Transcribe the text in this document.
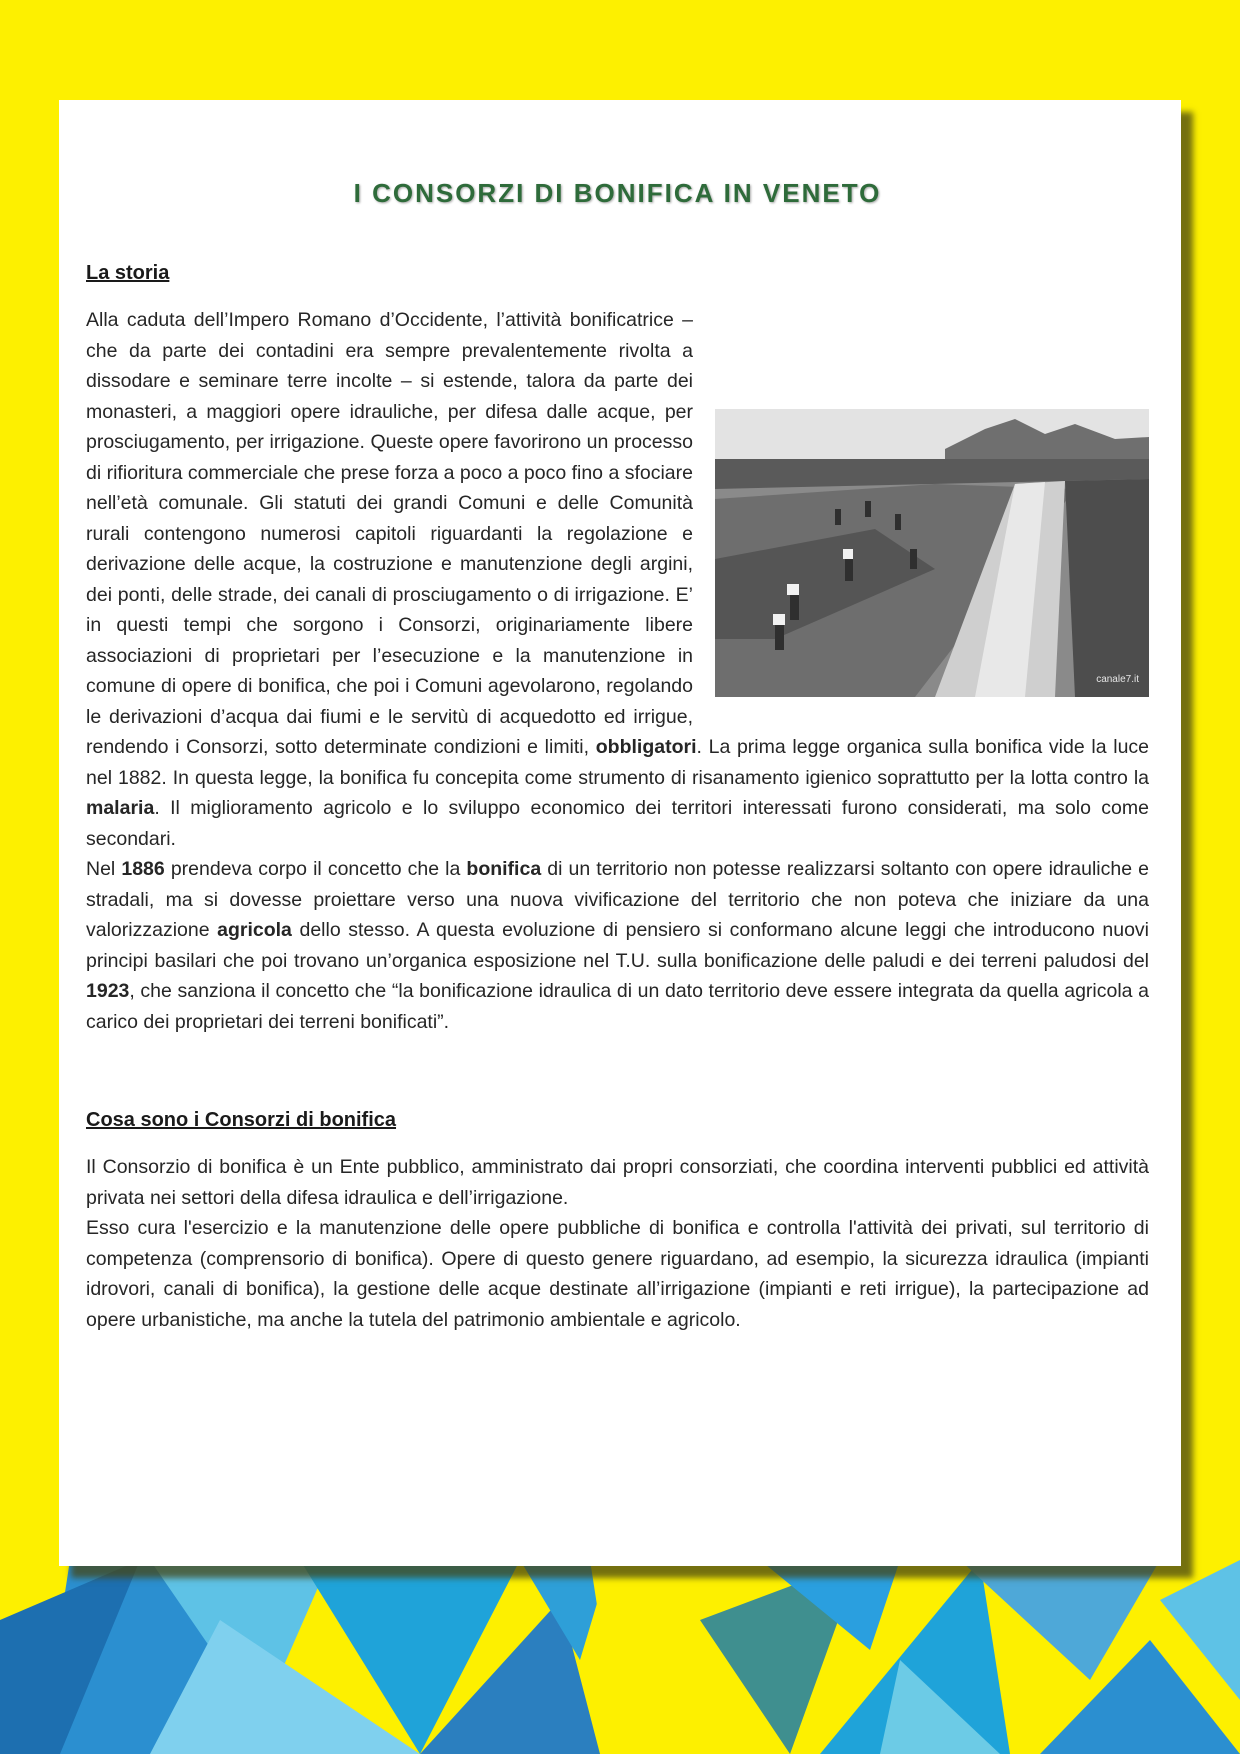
I CONSORZI DI BONIFICA IN VENETO
La storia

canale7.it
Alla caduta dell’Impero Romano d’Occidente, l’attività bonificatrice – che da parte dei contadini era sempre prevalentemente rivolta a dissodare e seminare terre incolte – si estende, talora da parte dei monasteri, a maggiori opere idrauliche, per difesa dalle acque, per prosciugamento, per irrigazione. Queste opere favorirono un processo di rifioritura commerciale che prese forza a poco a poco fino a sfociare nell’età comunale. Gli statuti dei grandi Comuni e delle Comunità rurali contengono numerosi capitoli riguardanti la regolazione e derivazione delle acque, la costruzione e manutenzione degli argini, dei ponti, delle strade, dei canali di prosciugamento o di irrigazione. E’ in questi tempi che sorgono i Consorzi, originariamente libere associazioni di proprietari per l’esecuzione e la manutenzione in comune di opere di bonifica, che poi i Comuni agevolarono, regolando le derivazioni d’acqua dai fiumi e le servitù di acquedotto ed irrigue, rendendo i Consorzi, sotto determinate condizioni e limiti, obbligatori. La prima legge organica sulla bonifica vide la luce nel 1882. In questa legge, la bonifica fu concepita come strumento di risanamento igienico soprattutto per la lotta contro la malaria. Il miglioramento agricolo e lo sviluppo economico dei territori interessati furono considerati, ma solo come secondari.

Nel 1886 prendeva corpo il concetto che la bonifica di un territorio non potesse realizzarsi soltanto con opere idrauliche e stradali, ma si dovesse proiettare verso una nuova vivificazione del territorio che non poteva che iniziare da una valorizzazione agricola dello stesso. A questa evoluzione di pensiero si conformano alcune leggi che introducono nuovi principi basilari che poi trovano un’organica esposizione nel T.U. sulla bonificazione delle paludi e dei terreni paludosi del 1923, che sanziona il concetto che “la bonificazione idraulica di un dato territorio deve essere integrata da quella agricola a carico dei proprietari dei terreni bonificati”.

Cosa sono i Consorzi di bonifica

Il Consorzio di bonifica è un Ente pubblico, amministrato dai propri consorziati, che coordina interventi pubblici ed attività privata nei settori della difesa idraulica e dell’irrigazione.

Esso cura l'esercizio e la manutenzione delle opere pubbliche di bonifica e controlla l'attività dei privati, sul territorio di competenza (comprensorio di bonifica). Opere di questo genere riguardano, ad esempio, la sicurezza idraulica (impianti idrovori, canali di bonifica), la gestione delle acque destinate all’irrigazione (impianti e reti irrigue), la partecipazione ad opere urbanistiche, ma anche la tutela del patrimonio ambientale e agricolo.
